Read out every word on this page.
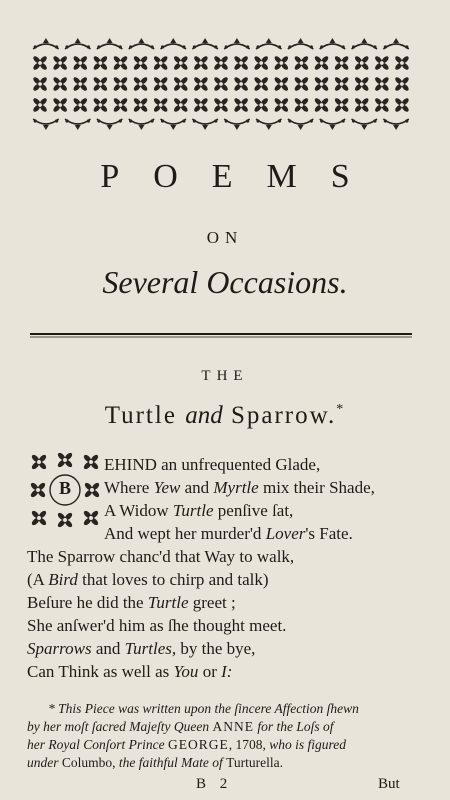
POEMS
ON
Several Occasions.
THE
Turtle and Sparrow.*
B
EHIND an unfrequented Glade,
Where Yew and Myrtle mix their Shade,
A Widow Turtle penſive ſat,
And wept her murder'd Lover's Fate.
The Sparrow chanc'd that Way to walk,
(A Bird that loves to chirp and talk)
Beſure he did the Turtle greet ;
She anſwer'd him as ſhe thought meet.
Sparrows and Turtles, by the bye,
Can Think as well as You or I:
* This Piece was written upon the ſincere Affection ſhewn
by her moſt ſacred Majeſty Queen ANNE for the Loſs of
her Royal Conſort Prince GEORGE, 1708, who is figured
under Columbo, the faithful Mate of Turturella.
B 2	But
